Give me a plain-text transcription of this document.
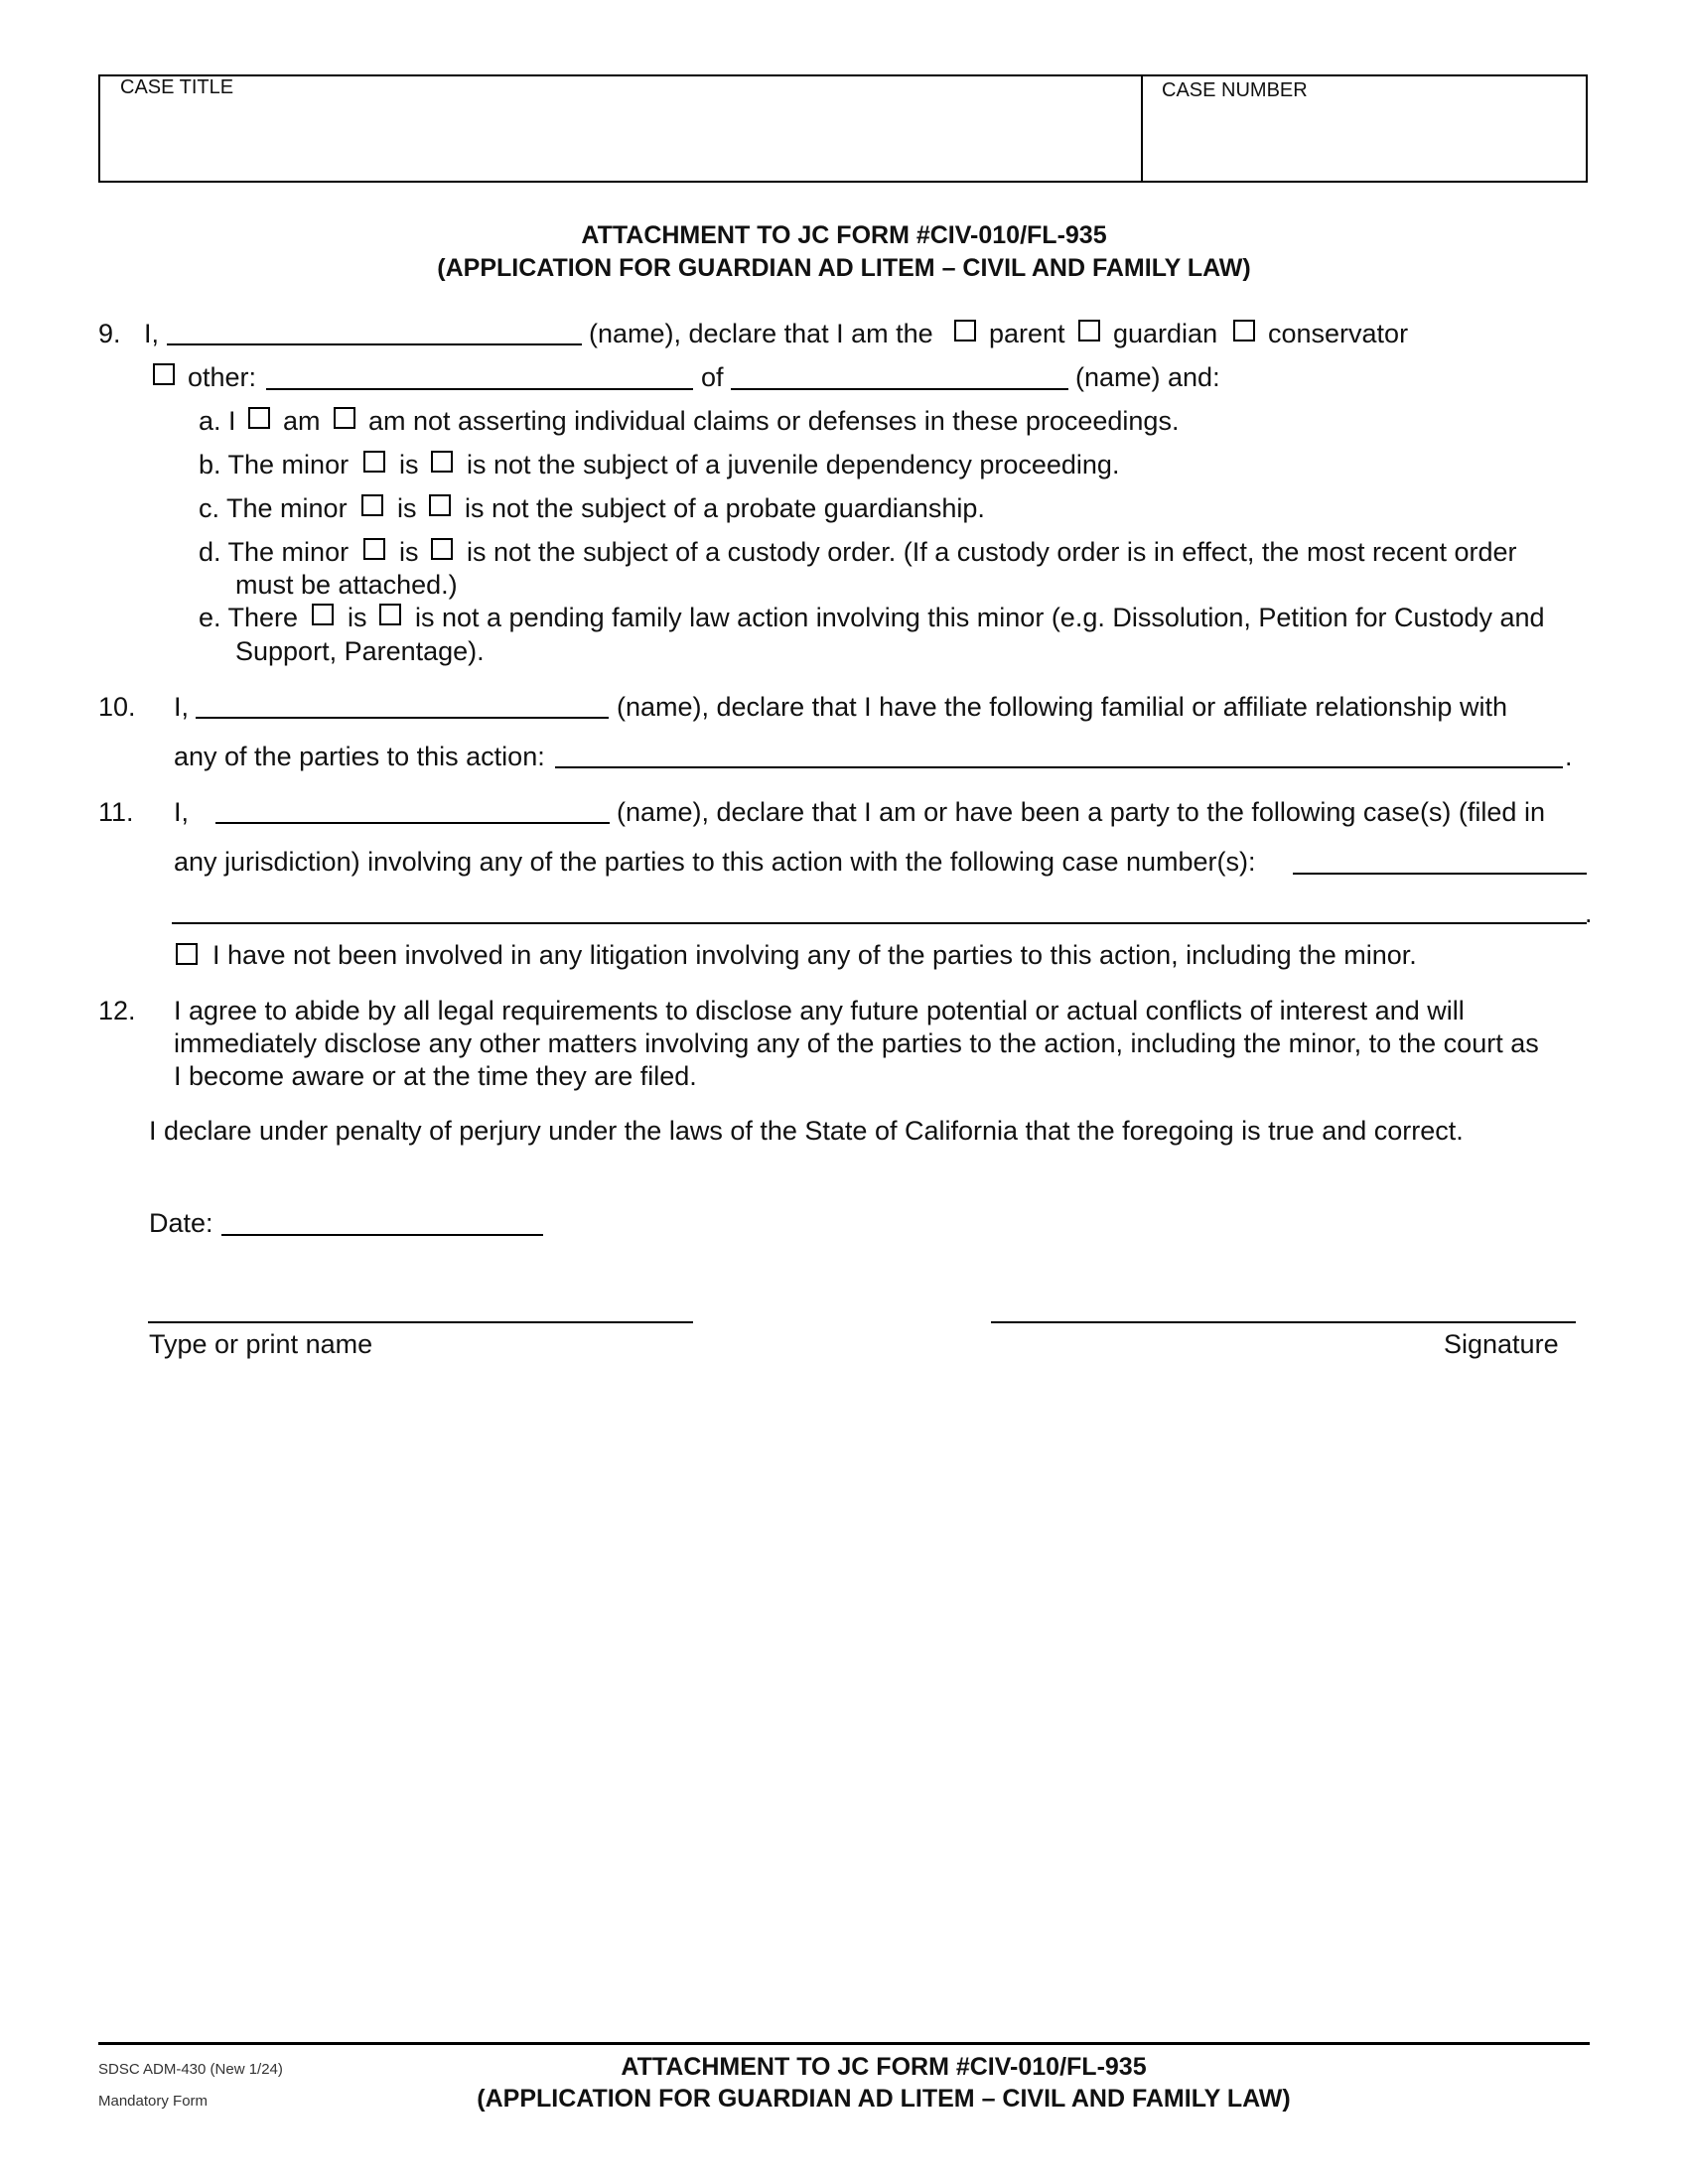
CASE TITLE	CASE NUMBER
ATTACHMENT TO JC FORM #CIV-010/FL-935
(APPLICATION FOR GUARDIAN AD LITEM – CIVIL AND FAMILY LAW)
9. I,	(name), declare that I am the parent guardian conservator
other:	of	(name) and:
a. I am am not asserting individual claims or defenses in these proceedings.
b. The minor is is not the subject of a juvenile dependency proceeding.
c. The minor is is not the subject of a probate guardianship.
d. The minor is is not the subject of a custody order. (If a custody order is in effect, the most recent order
must be attached.)
e. There is is not a pending family law action involving this minor (e.g. Dissolution, Petition for Custody and
Support, Parentage).
10. I,	(name), declare that I have the following familial or affiliate relationship with
any of the parties to this action:	.
11. I,	(name), declare that I am or have been a party to the following case(s) (filed in
any jurisdiction) involving any of the parties to this action with the following case number(s):
.
I have not been involved in any litigation involving any of the parties to this action, including the minor.
12. I agree to abide by all legal requirements to disclose any future potential or actual conflicts of interest and will
immediately disclose any other matters involving any of the parties to the action, including the minor, to the court as
I become aware or at the time they are filed.
I declare under penalty of perjury under the laws of the State of California that the foregoing is true and correct.
Date:
Type or print name	Signature
SDSC ADM-430 (New 1/24)
Mandatory Form
ATTACHMENT TO JC FORM #CIV-010/FL-935
(APPLICATION FOR GUARDIAN AD LITEM – CIVIL AND FAMILY LAW)
